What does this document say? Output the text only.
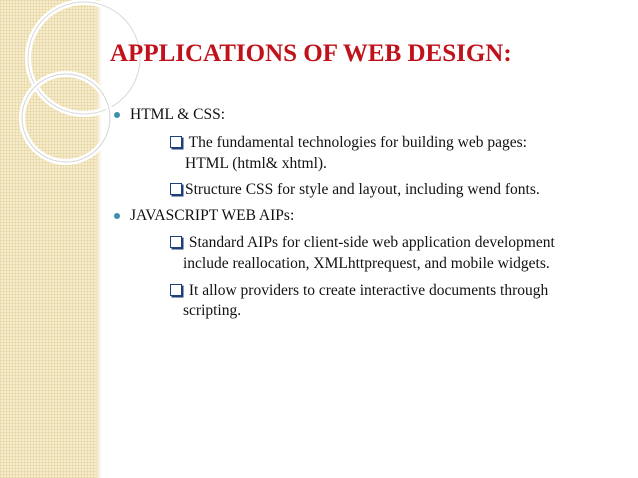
APPLICATIONS OF WEB DESIGN:
HTML & CSS:
The fundamental technologies for building web pages:
HTML (html& xhtml).
Structure CSS for style and layout, including wend fonts.
JAVASCRIPT WEB AIPs:
Standard AIPs for client-side web application development
include reallocation, XMLhttprequest, and mobile widgets.
It allow providers to create interactive documents through
scripting.
